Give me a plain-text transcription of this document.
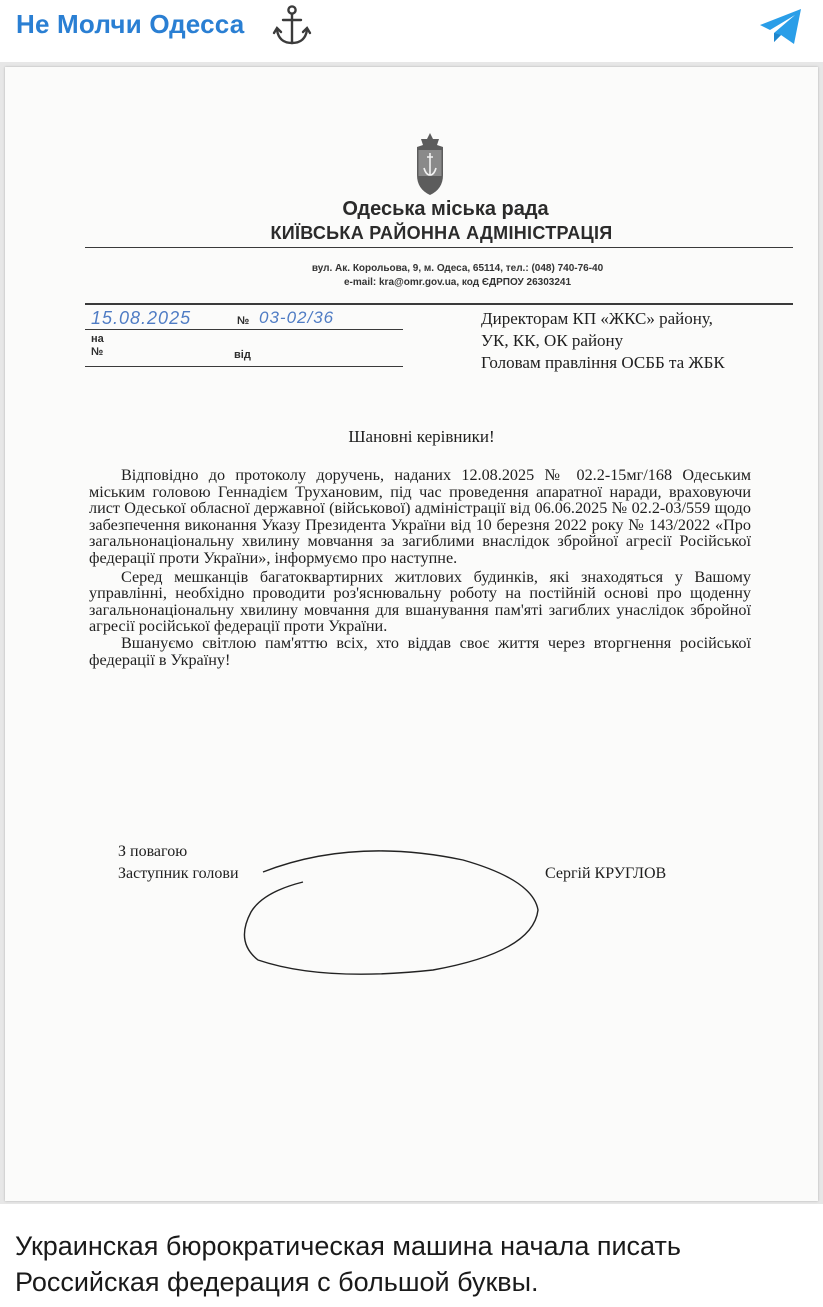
Не Молчи Одесса
Одеська міська рада
КИЇВСЬКА РАЙОННА АДМІНІСТРАЦІЯ
вул. Ак. Корольова, 9, м. Одеса, 65114, тел.: (048) 740-76-40
e-mail: kra@omr.gov.ua, код ЄДРПОУ 26303241
15.08.2025	№ 03-02/36
на
№	від
Директорам КП «ЖКС» району,
УК, КК, ОК району
Головам правління ОСББ та ЖБК
Шановні керівники!

Відповідно до протоколу доручень, наданих 12.08.2025 № 02.2-15мг/168 Одеським міським головою Геннадієм Трухановим, під час проведення апаратної наради, враховуючи лист Одеської обласної державної (військової) адміністрації від 06.06.2025 № 02.2-03/559 щодо забезпечення виконання Указу Президента України від 10 березня 2022 року № 143/2022 «Про загальнонаціональну хвилину мовчання за загиблими внаслідок збройної агресії Російської федерації проти України», інформуємо про наступне.

Серед мешканців багатоквартирних житлових будинків, які знаходяться у Вашому управлінні, необхідно проводити роз'яснювальну роботу на постійній основі про щоденну загальнонаціональну хвилину мовчання для вшанування пам'яті загиблих унаслідок збройної агресії російської федерації проти України.

Вшануємо світлою пам'яттю всіх, хто віддав своє життя через вторгнення російської федерації в Україну!

З повагою
Заступник голови	Сергій КРУГЛОВ
Украинская бюрократическая машина начала писать Российская федерация с большой буквы.
